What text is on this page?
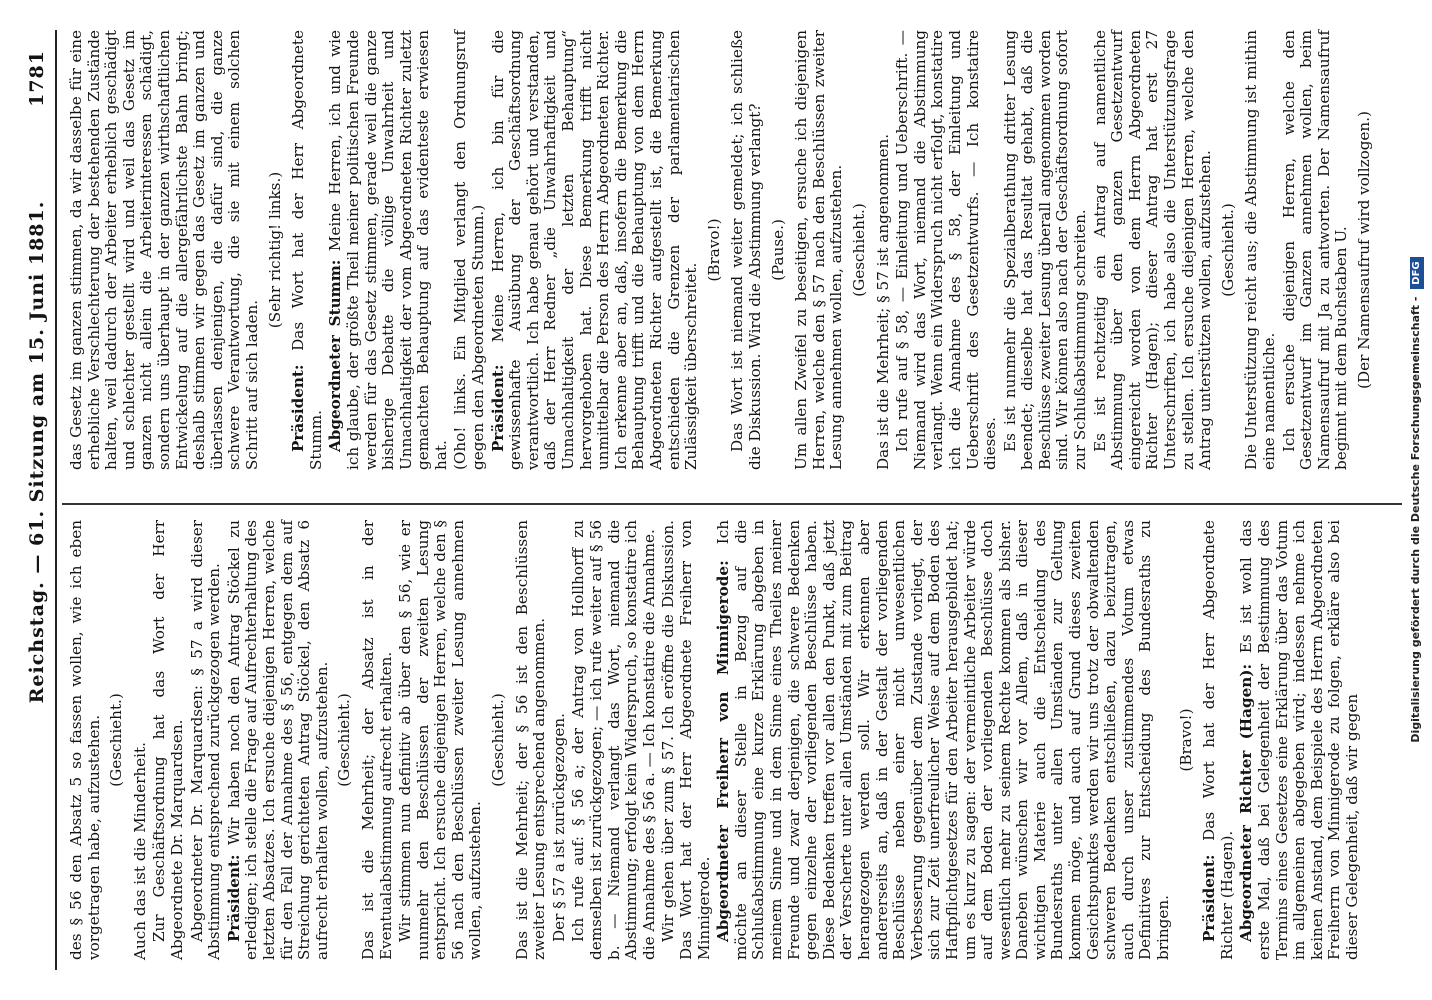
Reichstag. — 61. Sitzung am 15. Juni 1881.
1781

des § 56 den Absatz 5 so fassen wollen, wie ich eben vorgetragen habe, aufzustehen. (Geschieht.)

Auch das ist die Minderheit. Zur Geschäftsordnung hat das Wort der Herr Abgeordnete Dr. Marquardsen. Abgeordneter Dr. Marquardsen: § 57 a wird dieser Abstimmung entsprechend zurückgezogen werden. Präsident: Wir haben noch den Antrag Stöckel zu erledigen; ich stelle die Frage auf Aufrechterhaltung des letzten Absatzes. Ich ersuche diejenigen Herren, welche für den Fall der Annahme des § 56, entgegen dem auf Streichung gerichteten Antrag Stöckel, den Absatz 6 aufrecht erhalten wollen, aufzustehen. (Geschieht.) Das ist die Mehrheit; der Absatz ist in der Eventualabstimmung aufrecht erhalten. Wir stimmen nun definitiv ab über den § 56, wie er nunmehr den Beschlüssen der zweiten Lesung entspricht. Ich ersuche diejenigen Herren, welche den § 56 nach den Beschlüssen zweiter Lesung annehmen wollen, aufzustehen.

(Geschieht.) Das ist die Mehrheit; der § 56 ist den Beschlüssen zweiter Lesung entsprechend angenommen. Der § 57 a ist zurückgezogen. Ich rufe auf: § 56 a; der Antrag von Hollhorff zu demselben ist zurückgezogen; — ich rufe weiter auf § 56 b. — Niemand verlangt das Wort, niemand die Abstimmung; erfolgt kein Widerspruch, so konstatire ich die Annahme des § 56 a. — Ich konstatire die Annahme. Wir gehen über zum § 57. Ich eröffne die Diskussion. Das Wort hat der Herr Abgeordnete Freiherr von Minnigerode. Abgeordneter Freiherr von Minnigerode: Ich möchte an dieser Stelle in Bezug auf die Schlußabstimmung eine kurze Erklärung abgeben in meinem Sinne und in dem Sinne eines Theiles meiner Freunde und zwar derjenigen, die schwere Bedenken gegen einzelne der vorliegenden Beschlüsse haben. Diese Bedenken treffen vor allen den Punkt, daß jetzt der Verscherte unter allen Umständen mit zum Beitrag herangezogen werden soll. Wir erkennen aber andererseits an, daß in der Gestalt der vorliegenden Beschlüsse neben einer nicht unwesentlichen Verbesserung gegenüber dem Zustande vorliegt, der sich zur Zeit unerfreulicher Weise auf dem Boden des Haftpflichtgesetzes für den Arbeiter herausgebildet hat; um es kurz zu sagen: der vermeintliche Arbeiter würde auf dem Boden der vorliegenden Beschlüsse doch wesentlich mehr zu seinem Rechte kommen als bisher. Daneben wünschen wir vor Allem, daß in dieser wichtigen Materie auch die Entscheidung des Bundesraths unter allen Umständen zur Geltung kommen möge, und auch auf Grund dieses zweiten Gesichtspunktes werden wir uns trotz der obwaltenden schweren Bedenken entschließen, dazu beizutragen, auch durch unser zustimmendes Votum etwas Definitives zur Entscheidung des Bundesraths zu bringen.

(Bravo!)

Präsident: Das Wort hat der Herr Abgeordnete Richter (Hagen). Abgeordneter Richter (Hagen): Es ist wohl das erste Mal, daß bei Gelegenheit der Bestimmung des Termins eines Gesetzes eine Erklärung über das Votum im allgemeinen abgegeben wird; indessen nehme ich keinen Anstand, dem Beispiele des Herrn Abgeordneten Freiherrn von Minnigerode zu folgen, erkläre also bei dieser Gelegenheit, daß wir gegen

das Gesetz im ganzen stimmen, da wir dasselbe für eine erhebliche Verschlechterung der bestehenden Zustände halten, weil dadurch der Arbeiter erheblich geschädigt und schlechter gestellt wird und weil das Gesetz im ganzen nicht allein die Arbeiterinteressen schädigt, sondern uns überhaupt in der ganzen wirthschaftlichen Entwickelung auf die allergefährlichste Bahn bringt; deshalb stimmen wir gegen das Gesetz im ganzen und überlassen denjenigen, die dafür sind, die ganze schwere Verantwortung, die sie mit einem solchen Schritt auf sich laden.

(Sehr richtig! links.)

Präsident: Das Wort hat der Herr Abgeordnete Stumm. Abgeordneter Stumm: Meine Herren, ich und wie ich glaube, der größte Theil meiner politischen Freunde werden für das Gesetz stimmen, gerade weil die ganze bisherige Debatte die völlige Unwahrheit und Unnachhaltigkeit der vom Abgeordneten Richter zuletzt gemachten Behauptung auf das evidenteste erwiesen hat. (Oho! links. Ein Mitglied verlangt den Ordnungsruf gegen den Abgeordneten Stumm.) Präsident: Meine Herren, ich bin für die gewissenhafte Ausübung der Geschäftsordnung verantwortlich. Ich habe genau gehört und verstanden, daß der Herr Redner „die Unwahrhaftigkeit und Unnachhaltigkeit der letzten Behauptung“ hervorgehoben hat. Diese Bemerkung trifft nicht unmittelbar die Person des Herrn Abgeordneten Richter. Ich erkenne aber an, daß, insofern die Bemerkung die Behauptung trifft und die Behauptung von dem Herrn Abgeordneten Richter aufgestellt ist, die Bemerkung entschieden die Grenzen der parlamentarischen Zulässigkeit überschreitet.

(Bravo!) Das Wort ist niemand weiter gemeldet; ich schließe die Diskussion. Wird die Abstimmung verlangt? (Pause.) Um allen Zweifel zu beseitigen, ersuche ich diejenigen Herren, welche den § 57 nach den Beschlüssen zweiter Lesung annehmen wollen, aufzustehen. (Geschieht.) Das ist die Mehrheit; § 57 ist angenommen. Ich rufe auf § 58, — Einleitung und Ueberschrift. — Niemand wird das Wort, niemand die Abstimmung verlangt. Wenn ein Widerspruch nicht erfolgt, konstatire ich die Annahme des § 58, der Einleitung und Ueberschrift des Gesetzentwurfs. — Ich konstatire dieses. Es ist nunmehr die Spezialberathung dritter Lesung beendet; dieselbe hat das Resultat gehabt, daß die Beschlüsse zweiter Lesung überall angenommen worden sind. Wir können also nach der Geschäftsordnung sofort zur Schlußabstimmung schreiten. Es ist rechtzeitig ein Antrag auf namentliche Abstimmung über den ganzen Gesetzentwurf eingereicht worden von dem Herrn Abgeordneten Richter (Hagen); dieser Antrag hat erst 27 Unterschriften, ich habe also die Unterstützungsfrage zu stellen. Ich ersuche diejenigen Herren, welche den Antrag unterstützen wollen, aufzustehen. (Geschieht.) Die Unterstützung reicht aus; die Abstimmung ist mithin eine namentliche. Ich ersuche diejenigen Herren, welche den Gesetzentwurf im Ganzen annehmen wollen, beim Namensaufruf mit Ja zu antworten. Der Namensaufruf beginnt mit dem Buchstaben U. (Der Namensaufruf wird vollzogen.)

Digitalisierung gefördert durch die Deutsche Forschungsgemeinschaft - DFG
